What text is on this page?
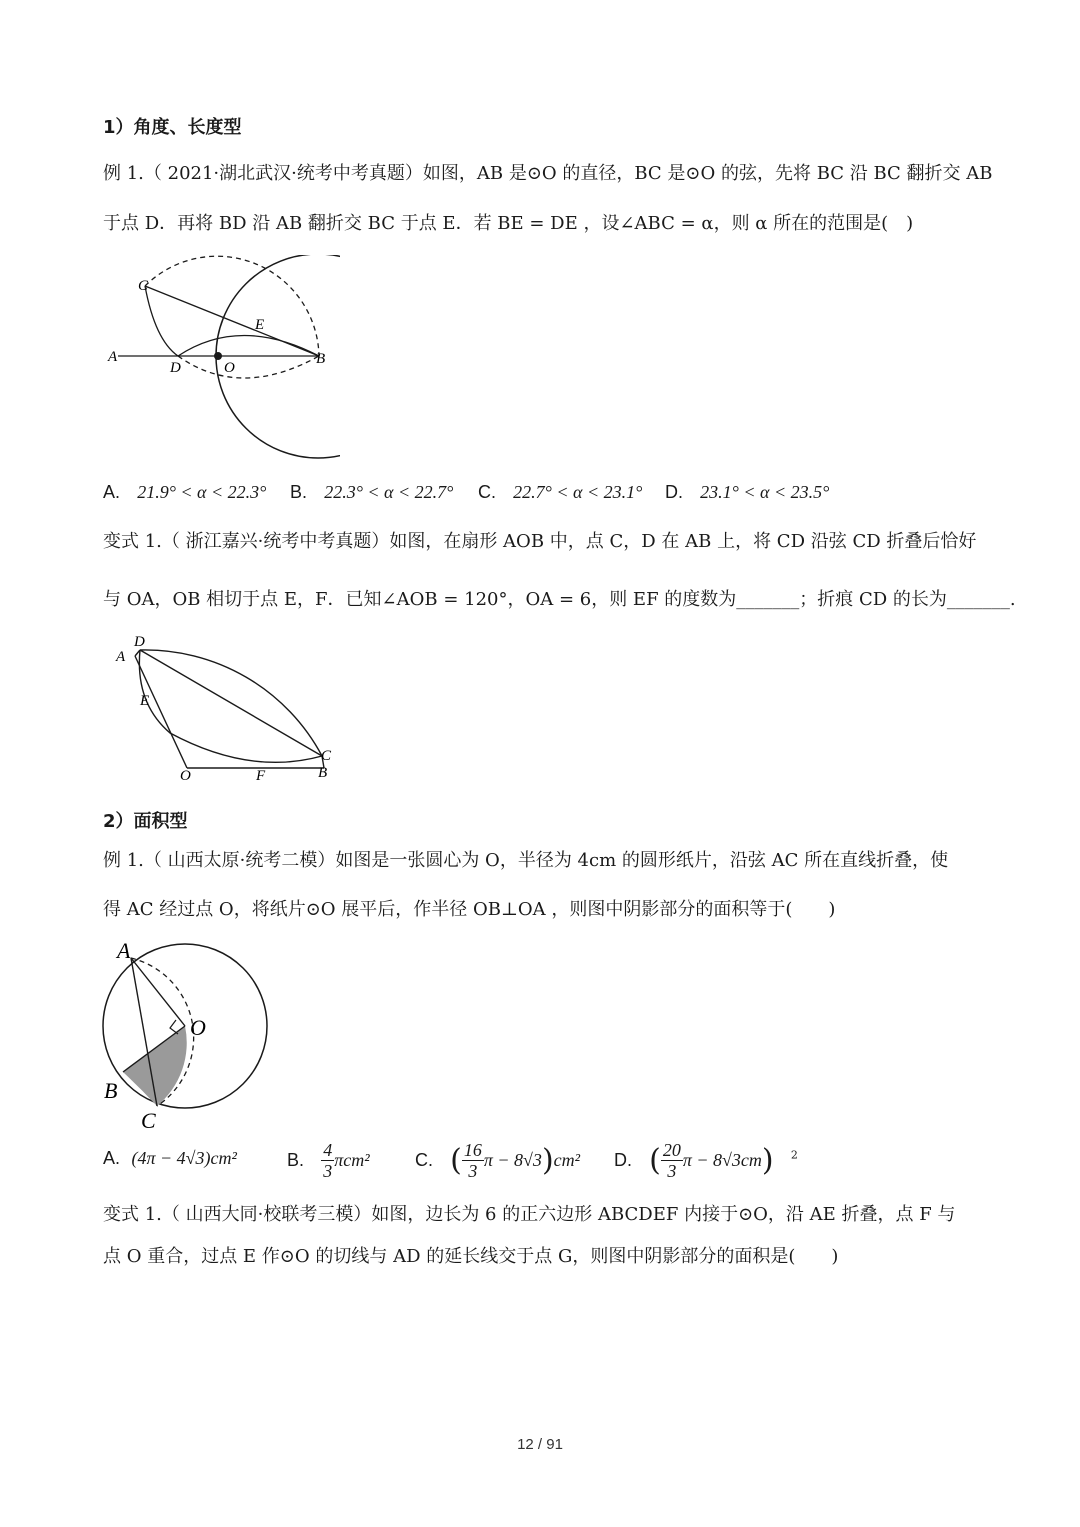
1）角度、长度型
例 1.（ 2021·湖北武汉·统考中考真题）如图，AB 是⊙O 的直径，BC 是⊙O 的弦，先将 BC 沿 BC 翻折交 AB
于点 D．再将 BD 沿 AB 翻折交 BC 于点 E．若 BE = DE ，设∠ABC = α，则 α 所在的范围是(　)
C
E
A
D	O
B
A. 21.9° < α < 22.3° B. 22.3° < α < 22.7° C. 22.7° < α < 23.1° D. 23.1° < α < 23.5°
变式 1.（ 浙江嘉兴·统考中考真题）如图，在扇形 AOB 中，点 C，D 在 AB 上，将 CD 沿弦 CD 折叠后恰好
与 OA，OB 相切于点 E，F．已知∠AOB = 120°，OA = 6，则 EF 的度数为_______；折痕 CD 的长为_______.
D
A
E
O	F
C
B
2）面积型
例 1.（ 山西太原·统考二模）如图是一张圆心为 O，半径为 4cm 的圆形纸片，沿弦 AC 所在直线折叠，使
得 AC 经过点 O，将纸片⊙O 展平后，作半径 OB⊥OA ，则图中阴影部分的面积等于(　　)
A
O
B
C
A. (4π − 4√3)cm²	B. $\frac{4}{3} \pi cm^2$	C. ( $\frac{16}{3}$ π − 8√3)cm² D. ( $\frac{20}{3}$ π − 8√3cm) $^2$
变式 1.（ 山西大同·校联考三模）如图，边长为 6 的正六边形 ABCDEF 内接于⊙O，沿 AE 折叠，点 F 与
点 O 重合，过点 E 作⊙O 的切线与 AD 的延长线交于点 G，则图中阴影部分的面积是(　　)
12 / 91
